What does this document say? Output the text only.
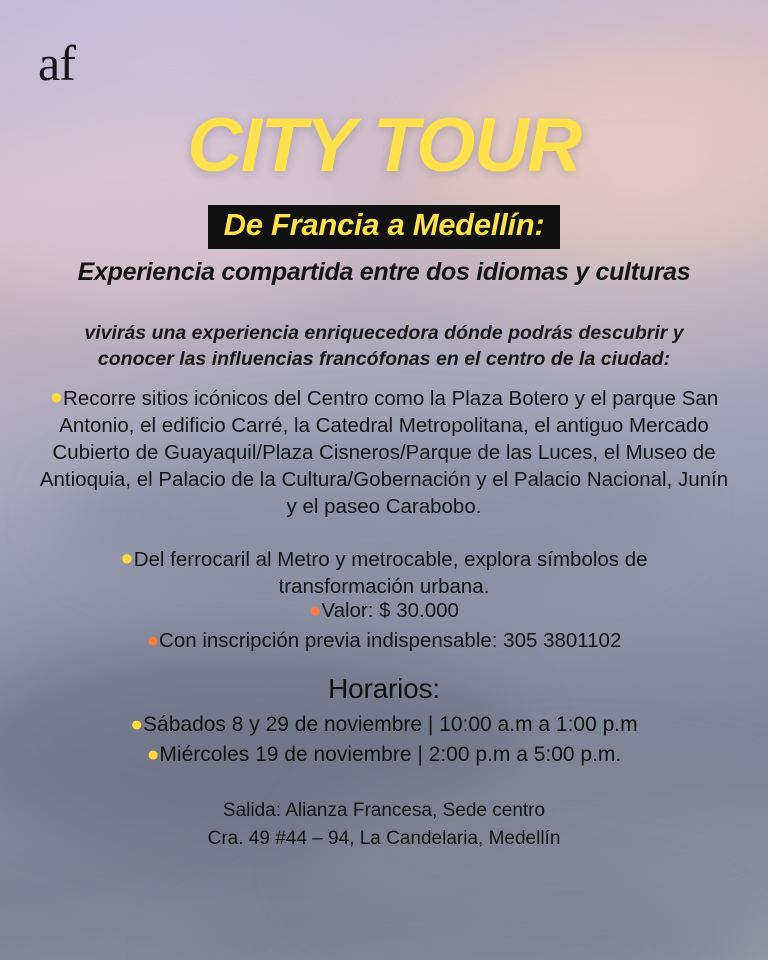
af
CITY TOUR
De Francia a Medellín:
Experiencia compartida entre dos idiomas y culturas
vivirás una experiencia enriquecedora dónde podrás descubrir y conocer las influencias francófonas en el centro de la ciudad:
●Recorre sitios icónicos del Centro como la Plaza Botero y el parque San Antonio, el edificio Carré, la Catedral Metropolitana, el antiguo Mercado Cubierto de Guayaquil/Plaza Cisneros/Parque de las Luces, el Museo de Antioquia, el Palacio de la Cultura/Gobernación y el Palacio Nacional, Junín y el paseo Carabobo.
●Del ferrocaril al Metro y metrocable, explora símbolos de transformación urbana.
●Valor: $ 30.000
●Con inscripción previa indispensable: 305 3801102
Horarios:
●Sábados 8 y 29 de noviembre | 10:00 a.m a 1:00 p.m
●Miércoles 19 de noviembre | 2:00 p.m a 5:00 p.m.
Salida: Alianza Francesa, Sede centro
Cra. 49 #44 – 94, La Candelaria, Medellín
